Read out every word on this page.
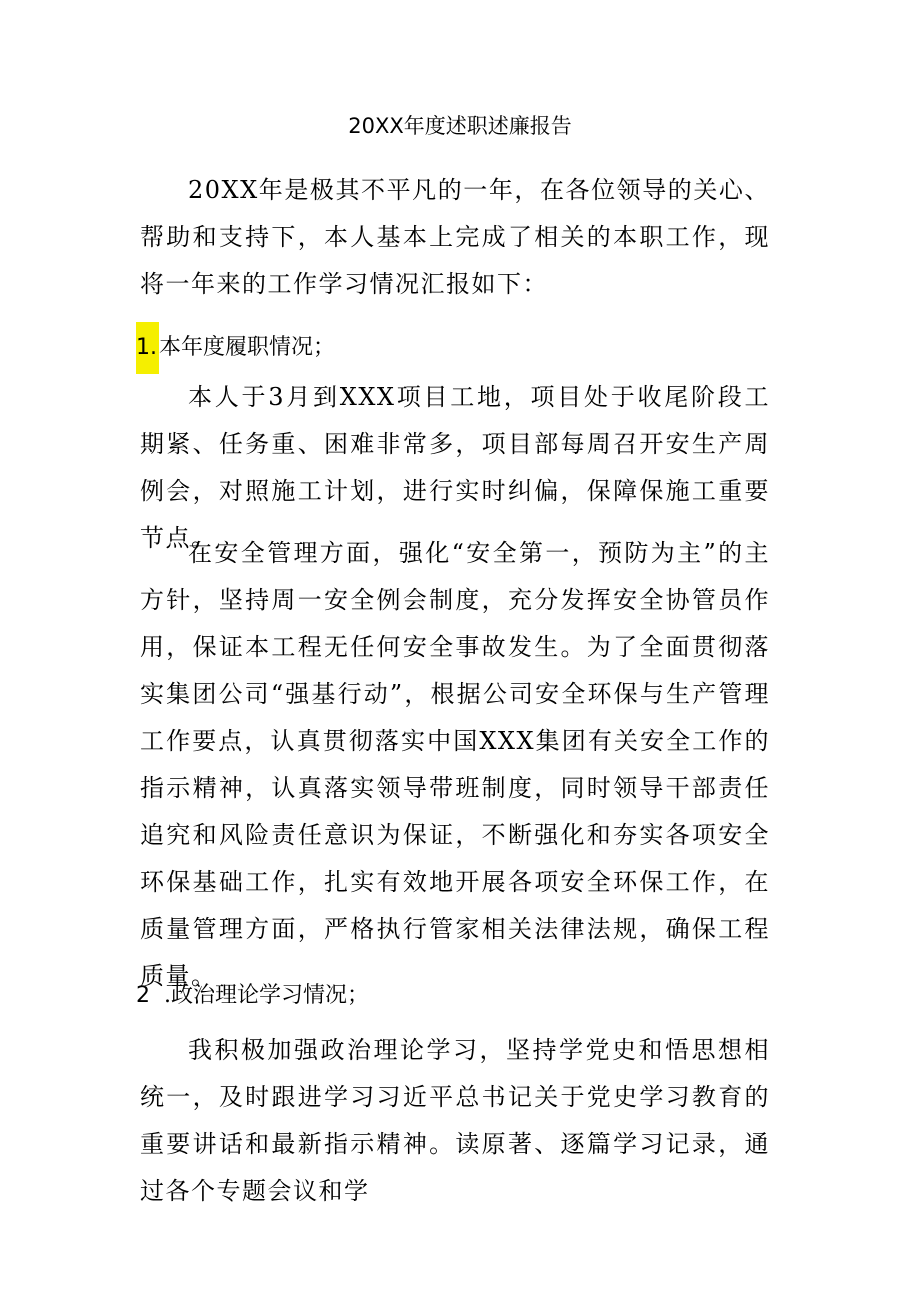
20XX年度述职述廉报告

20XX年是极其不平凡的一年，在各位领导的关心、帮助和支持下，本人基本上完成了相关的本职工作，现将一年来的工作学习情况汇报如下：

1.本年度履职情况；

本人于3月到XXX项目工地，项目处于收尾阶段工期紧、任务重、困难非常多，项目部每周召开安生产周例会，对照施工计划，进行实时纠偏，保障保施工重要节点。

在安全管理方面，强化“安全第一，预防为主”的主方针，坚持周一安全例会制度，充分发挥安全协管员作用，保证本工程无任何安全事故发生。为了全面贯彻落实集团公司“强基行动”，根据公司安全环保与生产管理工作要点，认真贯彻落实中国XXX集团有关安全工作的指示精神，认真落实领导带班制度，同时领导干部责任追究和风险责任意识为保证，不断强化和夯实各项安全环保基础工作，扎实有效地开展各项安全环保工作，在质量管理方面，严格执行管家相关法律法规，确保工程质量。

2 .政治理论学习情况；

我积极加强政治理论学习，坚持学党史和悟思想相统一，及时跟进学习习近平总书记关于党史学习教育的重要讲话和最新指示精神。读原著、逐篇学习记录，通过各个专题会议和学
